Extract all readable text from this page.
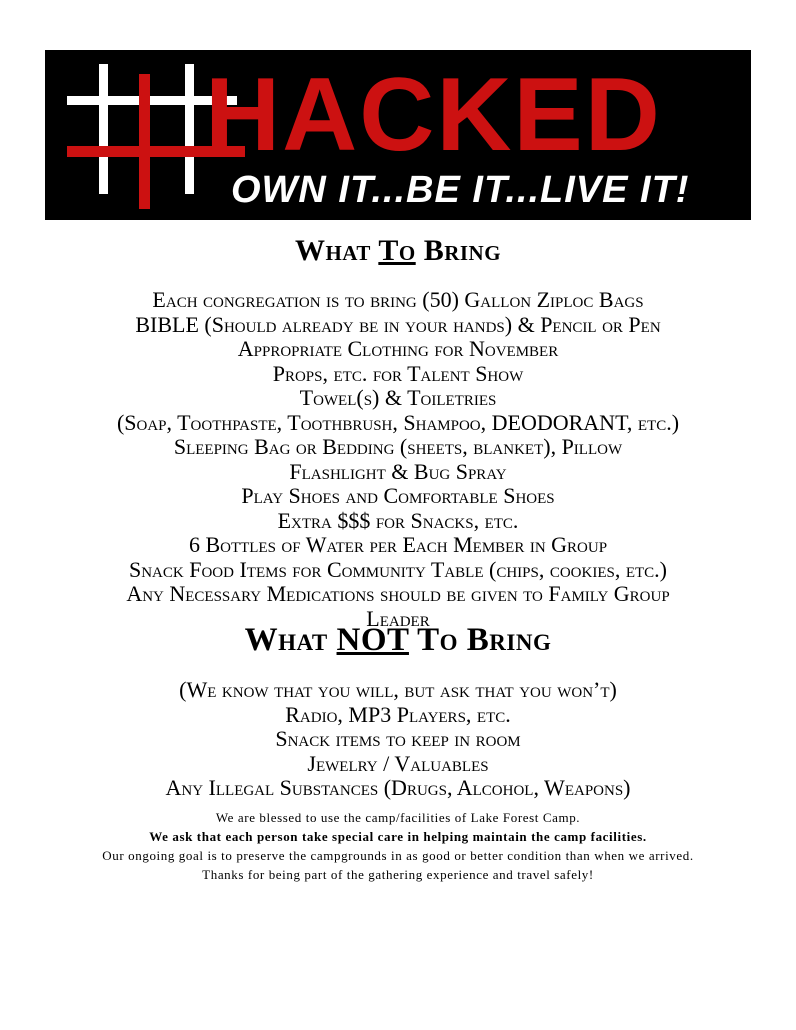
HACKED
OWN IT...BE IT...LIVE IT!
What To Bring
Each congregation is to bring (50) Gallon Ziploc Bags
BIBLE (Should already be in your hands) & Pencil or Pen
Appropriate Clothing for November
Props, etc. for Talent Show
Towel(s) & Toiletries
(Soap, Toothpaste, Toothbrush, Shampoo, DEODORANT, etc.)
Sleeping Bag or Bedding (sheets, blanket), Pillow
Flashlight & Bug Spray
Play Shoes and Comfortable Shoes
Extra $$$ for Snacks, etc.
6 Bottles of Water per Each Member in Group
Snack Food Items for Community Table (chips, cookies, etc.)
Any Necessary Medications should be given to Family Group
Leader
What NOT To Bring
(We know that you will, but ask that you won’t)
Radio, MP3 Players, etc.
Snack items to keep in room
Jewelry / Valuables
Any Illegal Substances (Drugs, Alcohol, Weapons)
We are blessed to use the camp/facilities of Lake Forest Camp.
We ask that each person take special care in helping maintain the camp facilities.
Our ongoing goal is to preserve the campgrounds in as good or better condition than when we arrived.
Thanks for being part of the gathering experience and travel safely!
